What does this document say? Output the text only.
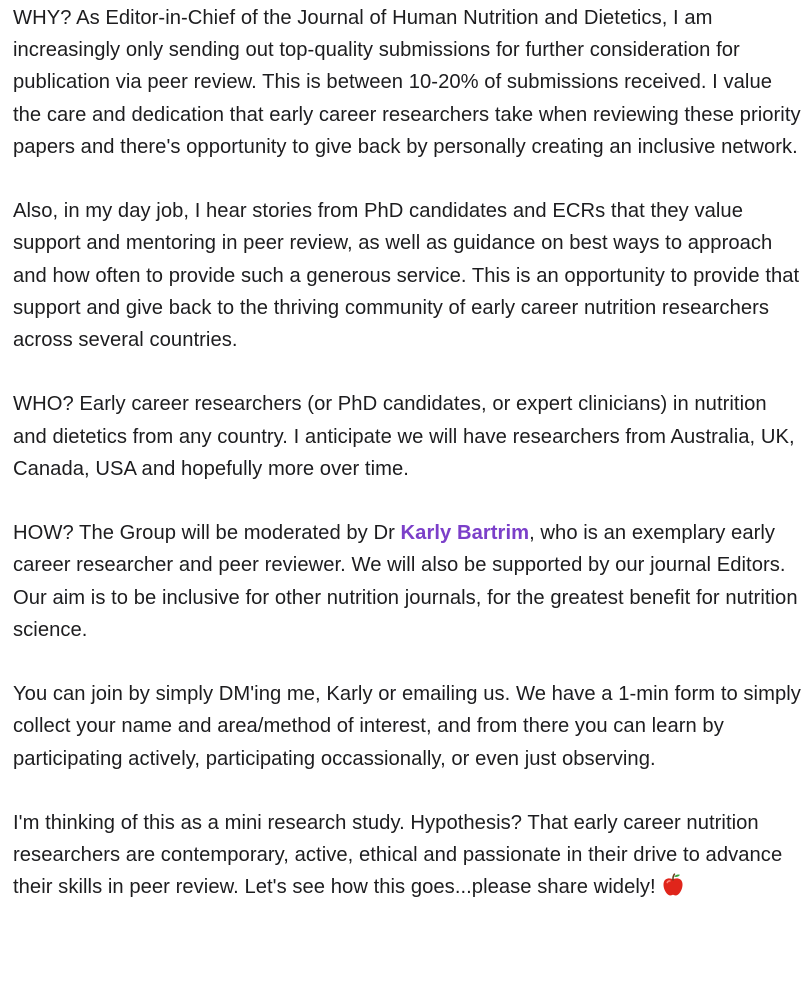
WHY? As Editor-in-Chief of the Journal of Human Nutrition and Dietetics, I am increasingly only sending out top-quality submissions for further consideration for publication via peer review. This is between 10-20% of submissions received. I value the care and dedication that early career researchers take when reviewing these priority papers and there's opportunity to give back by personally creating an inclusive network.

Also, in my day job, I hear stories from PhD candidates and ECRs that they value support and mentoring in peer review, as well as guidance on best ways to approach and how often to provide such a generous service. This is an opportunity to provide that support and give back to the thriving community of early career nutrition researchers across several countries.

WHO? Early career researchers (or PhD candidates, or expert clinicians) in nutrition and dietetics from any country. I anticipate we will have researchers from Australia, UK, Canada, USA and hopefully more over time.

HOW? The Group will be moderated by Dr Karly Bartrim, who is an exemplary early career researcher and peer reviewer. We will also be supported by our journal Editors. Our aim is to be inclusive for other nutrition journals, for the greatest benefit for nutrition science.

You can join by simply DM'ing me, Karly or emailing us. We have a 1-min form to simply collect your name and area/method of interest, and from there you can learn by participating actively, participating occassionally, or even just observing.

I'm thinking of this as a mini research study. Hypothesis? That early career nutrition researchers are contemporary, active, ethical and passionate in their drive to advance their skills in peer review. Let's see how this goes...please share widely!
